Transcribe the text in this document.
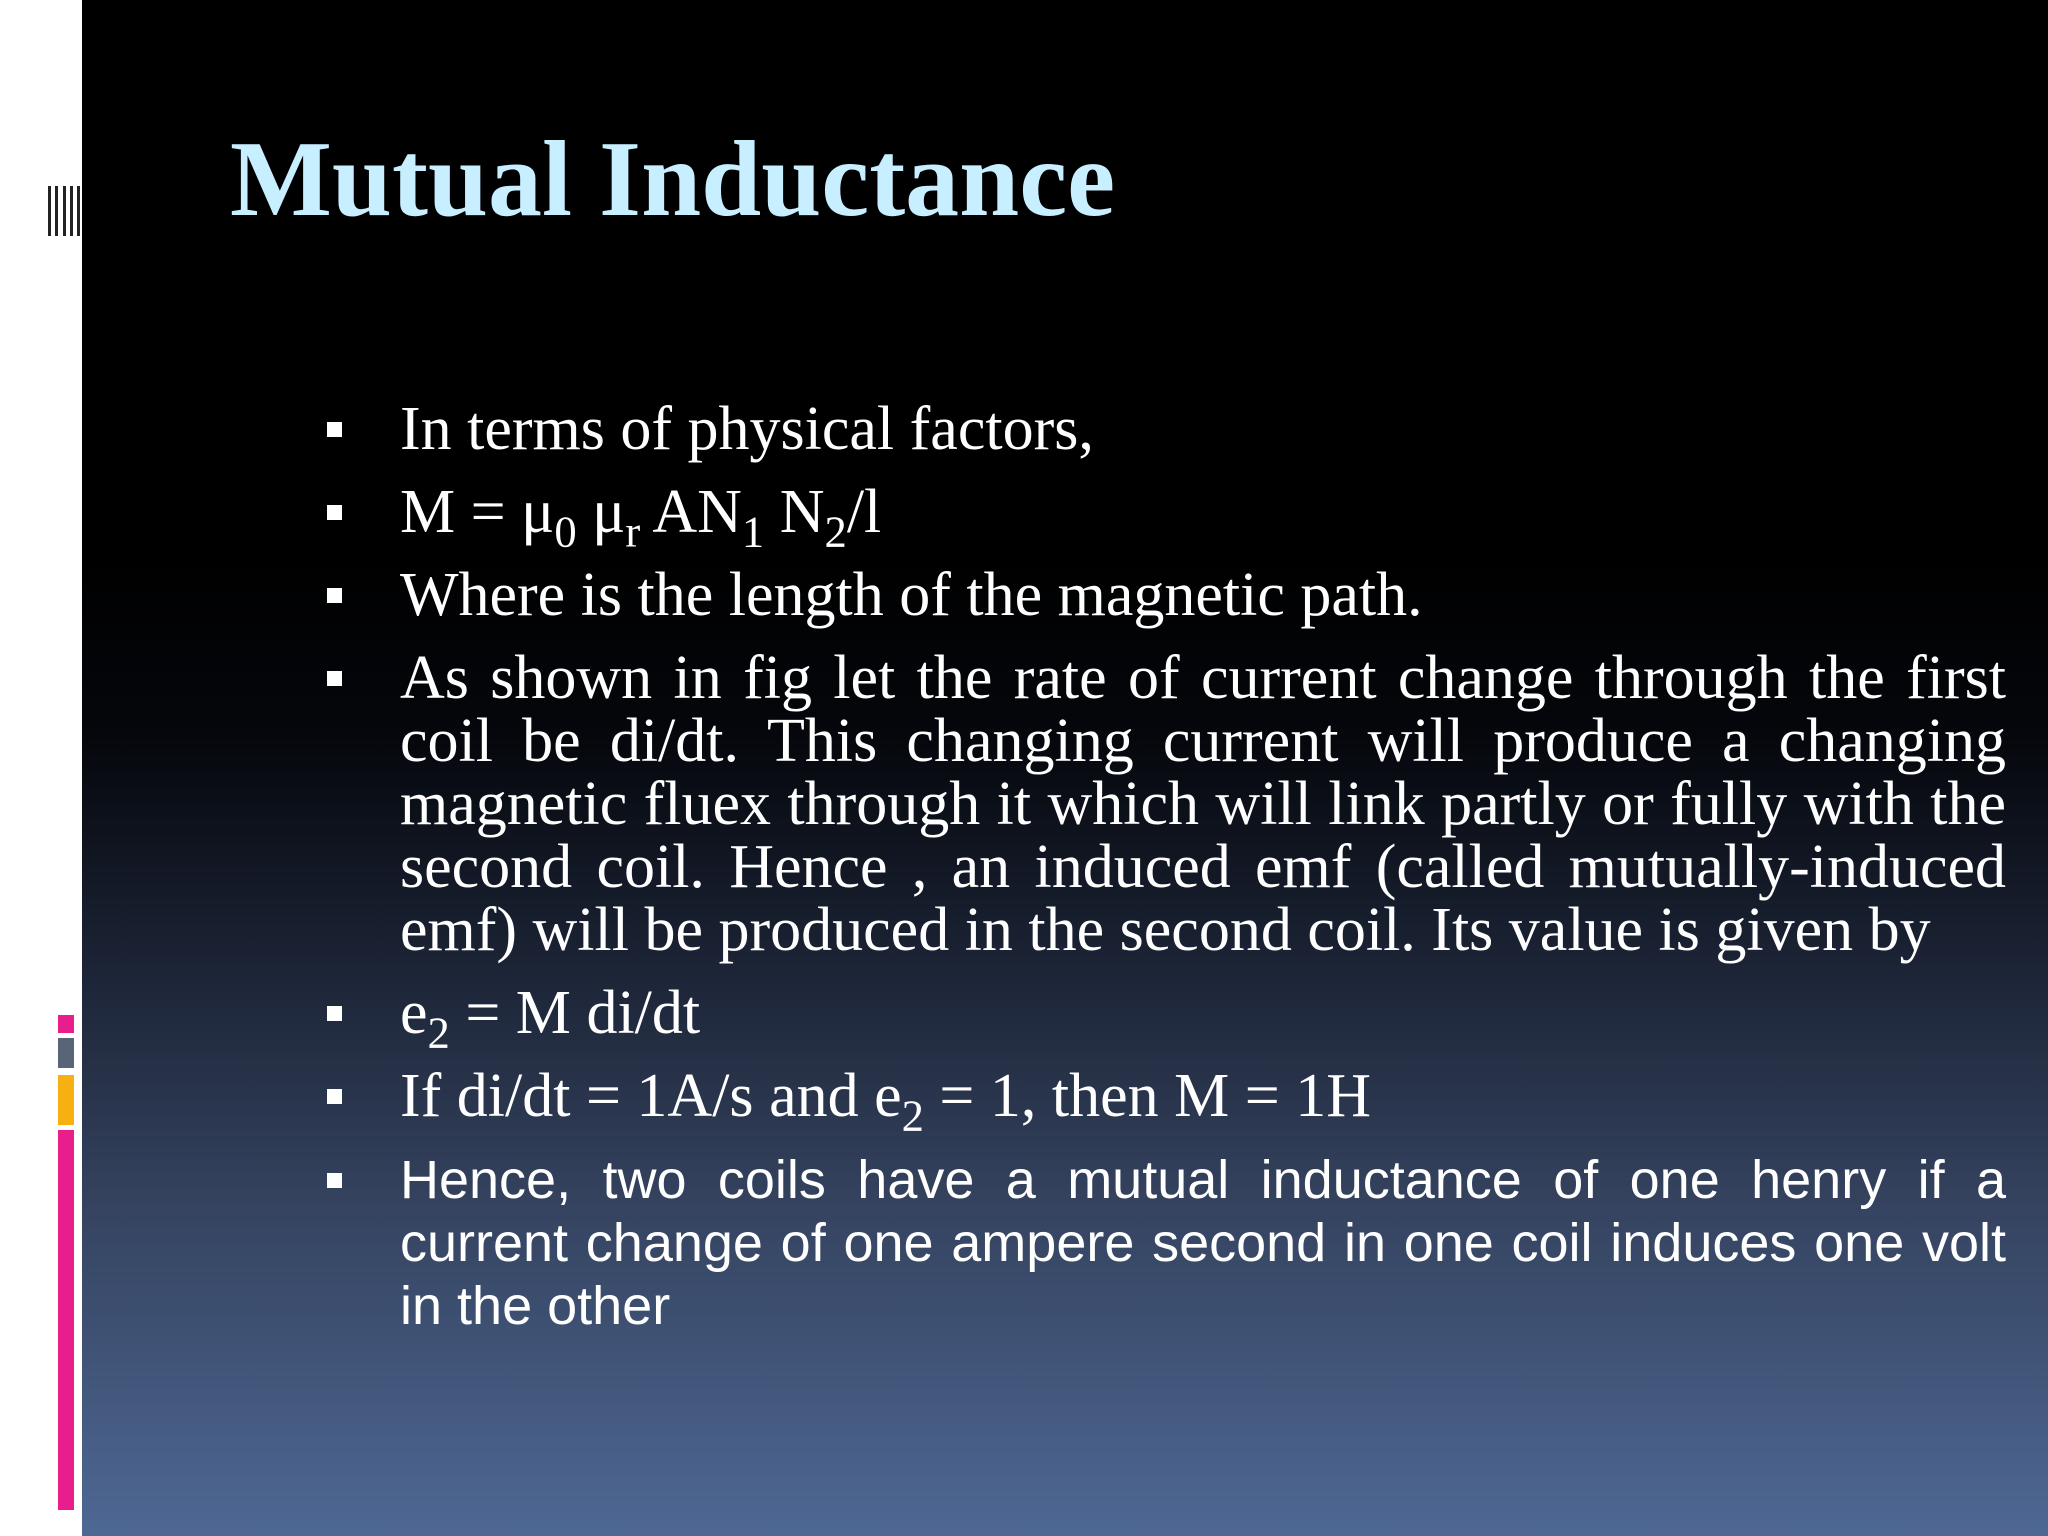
Mutual Inductance
In terms of physical factors,
$M = \mu_0$ $\mu_r$ $AN_1$ $N_2/l$
Where is the length of the magnetic path.
As shown in fig let the rate of current change through the first coil be di/dt. This changing current will produce a changing magnetic fluex through it which will link partly or fully with the second coil. Hence , an induced emf (called mutually-induced emf) will be produced in the second coil. Its value is given by
$e_2 = M$ di/dt
If di/dt = 1A/s and $e_2 = 1$, then M = 1H
Hence, two coils have a mutual inductance of one henry if a current change of one ampere second in one coil induces one volt in the other
